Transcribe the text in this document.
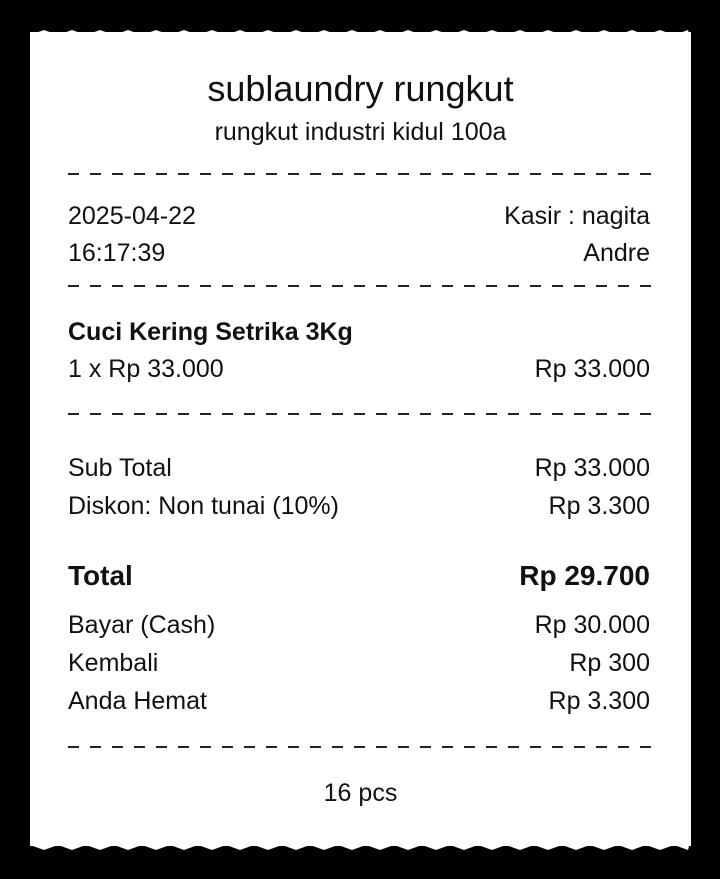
sublaundry rungkut
rungkut industri kidul 100a
2025-04-22	Kasir : nagita
16:17:39	Andre
Cuci Kering Setrika 3Kg
1 x Rp 33.000	Rp 33.000
Sub Total	Rp 33.000
Diskon: Non tunai (10%)	Rp 3.300
Total	Rp 29.700
Bayar (Cash)	Rp 30.000
Kembali	Rp 300
Anda Hemat	Rp 3.300
16 pcs
